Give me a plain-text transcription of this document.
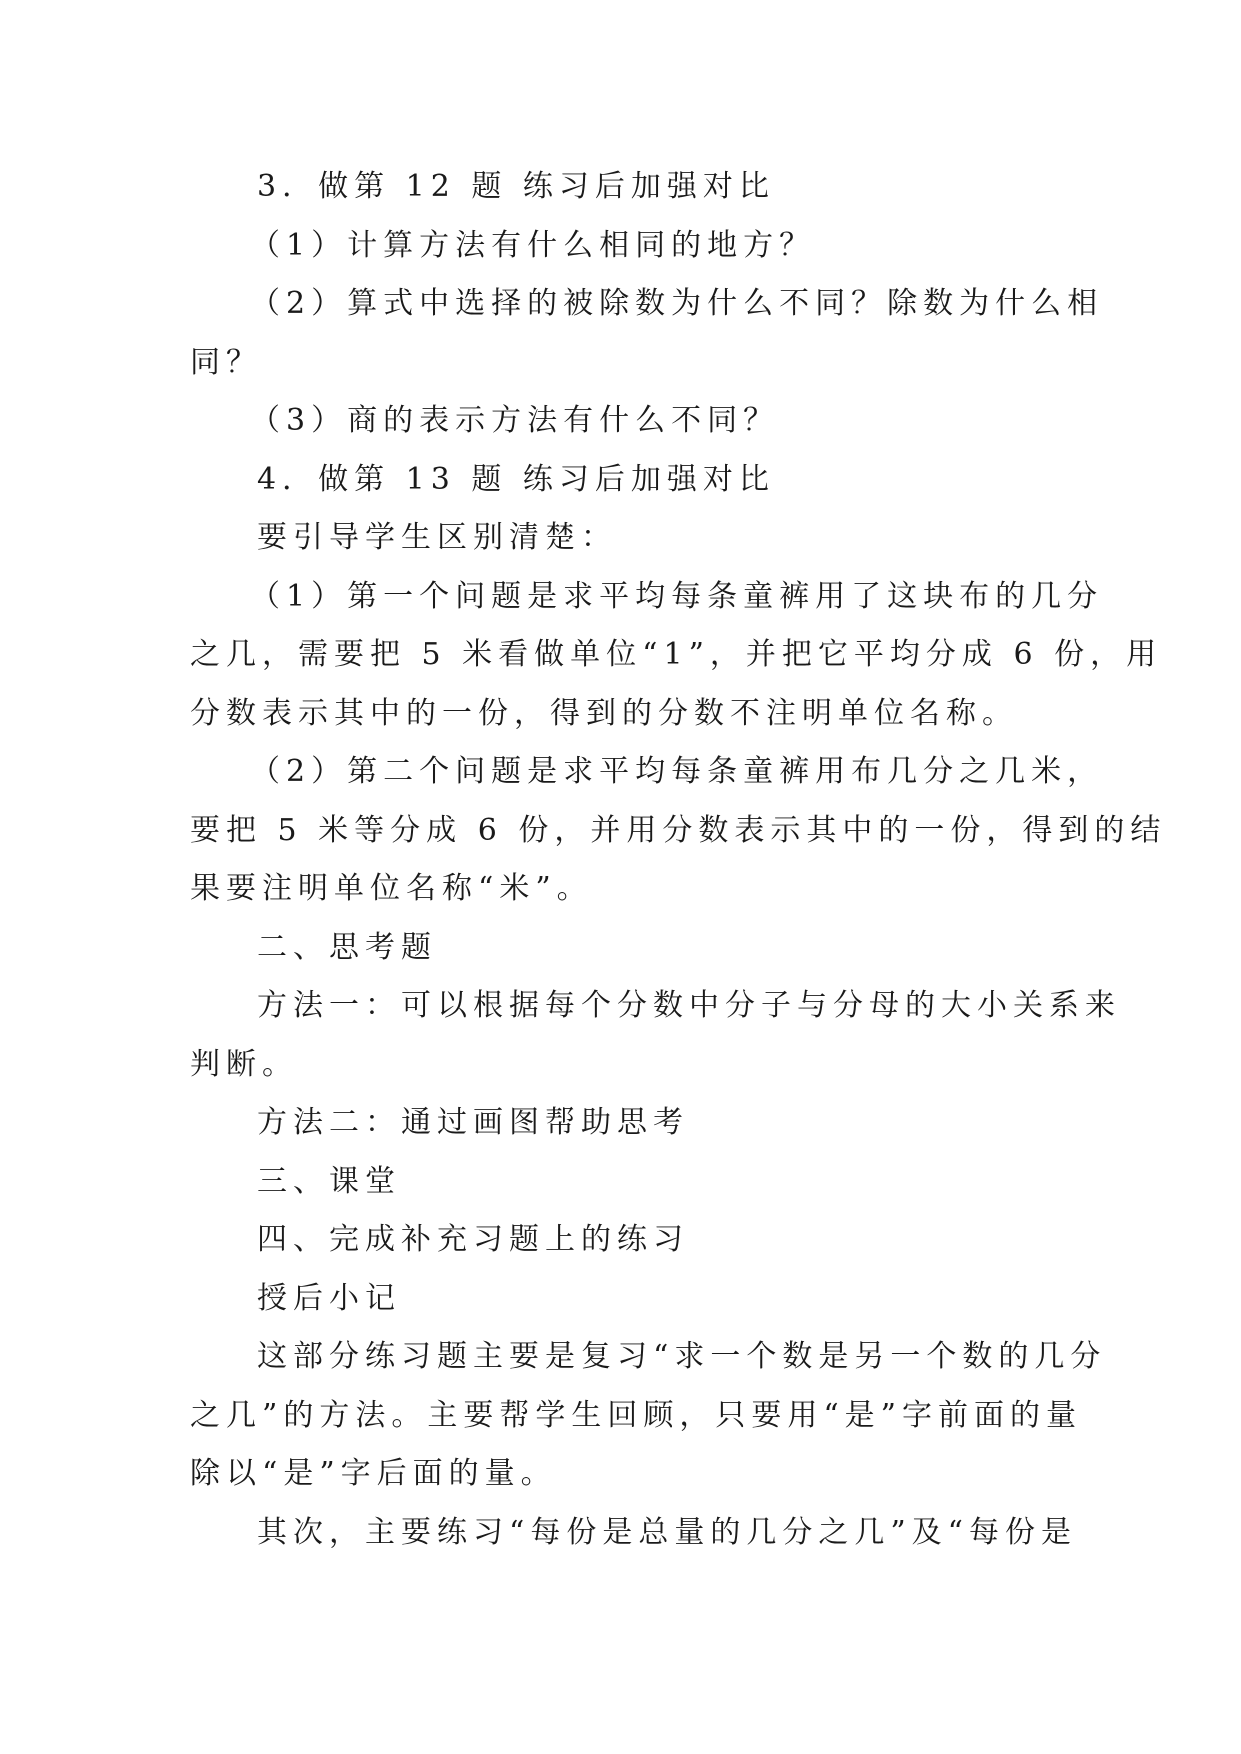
3．做第 12 题 练习后加强对比
（1）计算方法有什么相同的地方？
（2）算式中选择的被除数为什么不同？除数为什么相
同？
（3）商的表示方法有什么不同？
4．做第 13 题 练习后加强对比
要引导学生区别清楚：
（1）第一个问题是求平均每条童裤用了这块布的几分
之几，需要把 5 米看做单位“1”，并把它平均分成 6 份，用
分数表示其中的一份，得到的分数不注明单位名称。
（2）第二个问题是求平均每条童裤用布几分之几米，
要把 5 米等分成 6 份，并用分数表示其中的一份，得到的结
果要注明单位名称“米”。
二、思考题
方法一：可以根据每个分数中分子与分母的大小关系来
判断。
方法二：通过画图帮助思考
三、课堂
四、完成补充习题上的练习
授后小记
这部分练习题主要是复习“求一个数是另一个数的几分
之几”的方法。主要帮学生回顾，只要用“是”字前面的量
除以“是”字后面的量。
其次，主要练习“每份是总量的几分之几”及“每份是
